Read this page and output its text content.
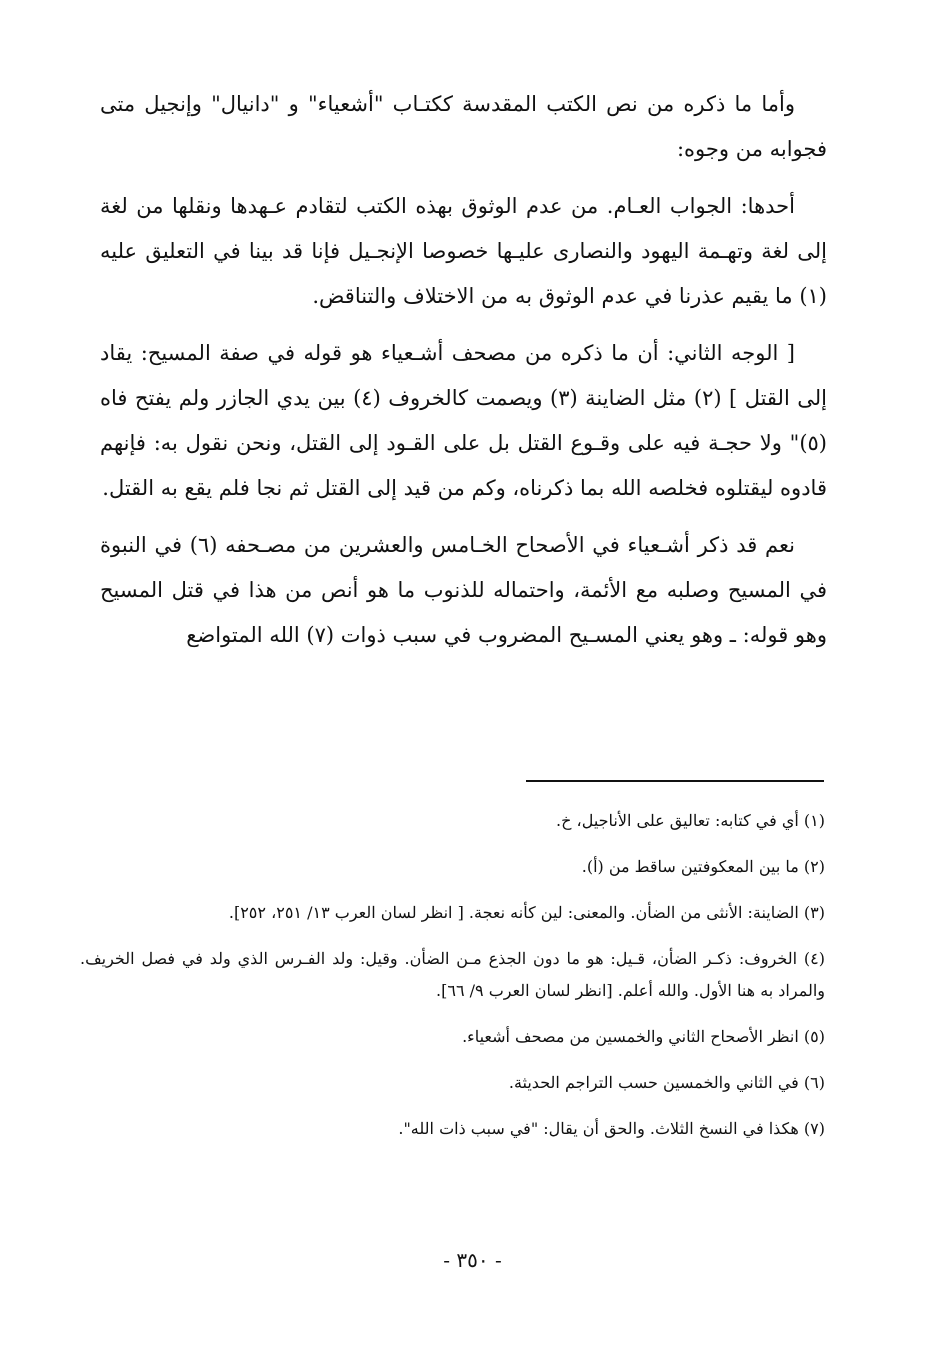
وأما ما ذكره من نص الكتب المقدسة ككتـاب "أشعياء" و "دانيال" وإنجيل متى فجوابه من وجوه:

أحدها: الجواب العـام. من عدم الوثوق بهذه الكتب لتقادم عـهدها ونقلها من لغة إلى لغة وتهـمة اليهود والنصارى عليـها خصوصا الإنجـيل فإنا قد بينا في التعليق عليه (١) ما يقيم عذرنا في عدم الوثوق به من الاختلاف والتناقض.

[ الوجه الثاني: أن ما ذكره من مصحف أشـعياء هو قوله في صفة المسيح: يقاد إلى القتل ] (٢) مثل الضاينة (٣) ويصمت كالخروف (٤) بين يدي الجازر ولم يفتح فاه (٥)" ولا حجـة فيه على وقـوع القتل بل على القـود إلى القتل، ونحن نقول به: فإنهم قادوه ليقتلوه فخلصه الله بما ذكرناه، وكم من قيد إلى القتل ثم نجا فلم يقع به القتل.

نعم قد ذكر أشـعياء في الأصحاح الخـامس والعشرين من مصـحفه (٦) في النبوة في المسيح وصلبه مع الأئمة، واحتماله للذنوب ما هو أنص من هذا في قتل المسيح وهو قوله: ـ وهو يعني المسـيح المضروب في سبب ذوات (٧) الله المتواضع

(١) أي في كتابه: تعاليق على الأناجيل، خ.

(٢) ما بين المعكوفتين ساقط من (أ).

(٣) الضاينة: الأنثى من الضأن. والمعنى: لين كأنه نعجة. [ انظر لسان العرب ١٣/ ٢٥١، ٢٥٢].

(٤) الخروف: ذكـر الضأن، قـيل: هو ما دون الجذع مـن الضأن. وقيل: ولد الفـرس الذي ولد في فصل الخريف. والمراد به هنا الأول. والله أعلم. [انظر لسان العرب ٩/ ٦٦].

(٥) انظر الأصحاح الثاني والخمسين من مصحف أشعياء.

(٦) في الثاني والخمسين حسب التراجم الحديثة.

(٧) هكذا في النسخ الثلاث. والحق أن يقال: "في سبب ذات الله".

- ٣٥٠ -
